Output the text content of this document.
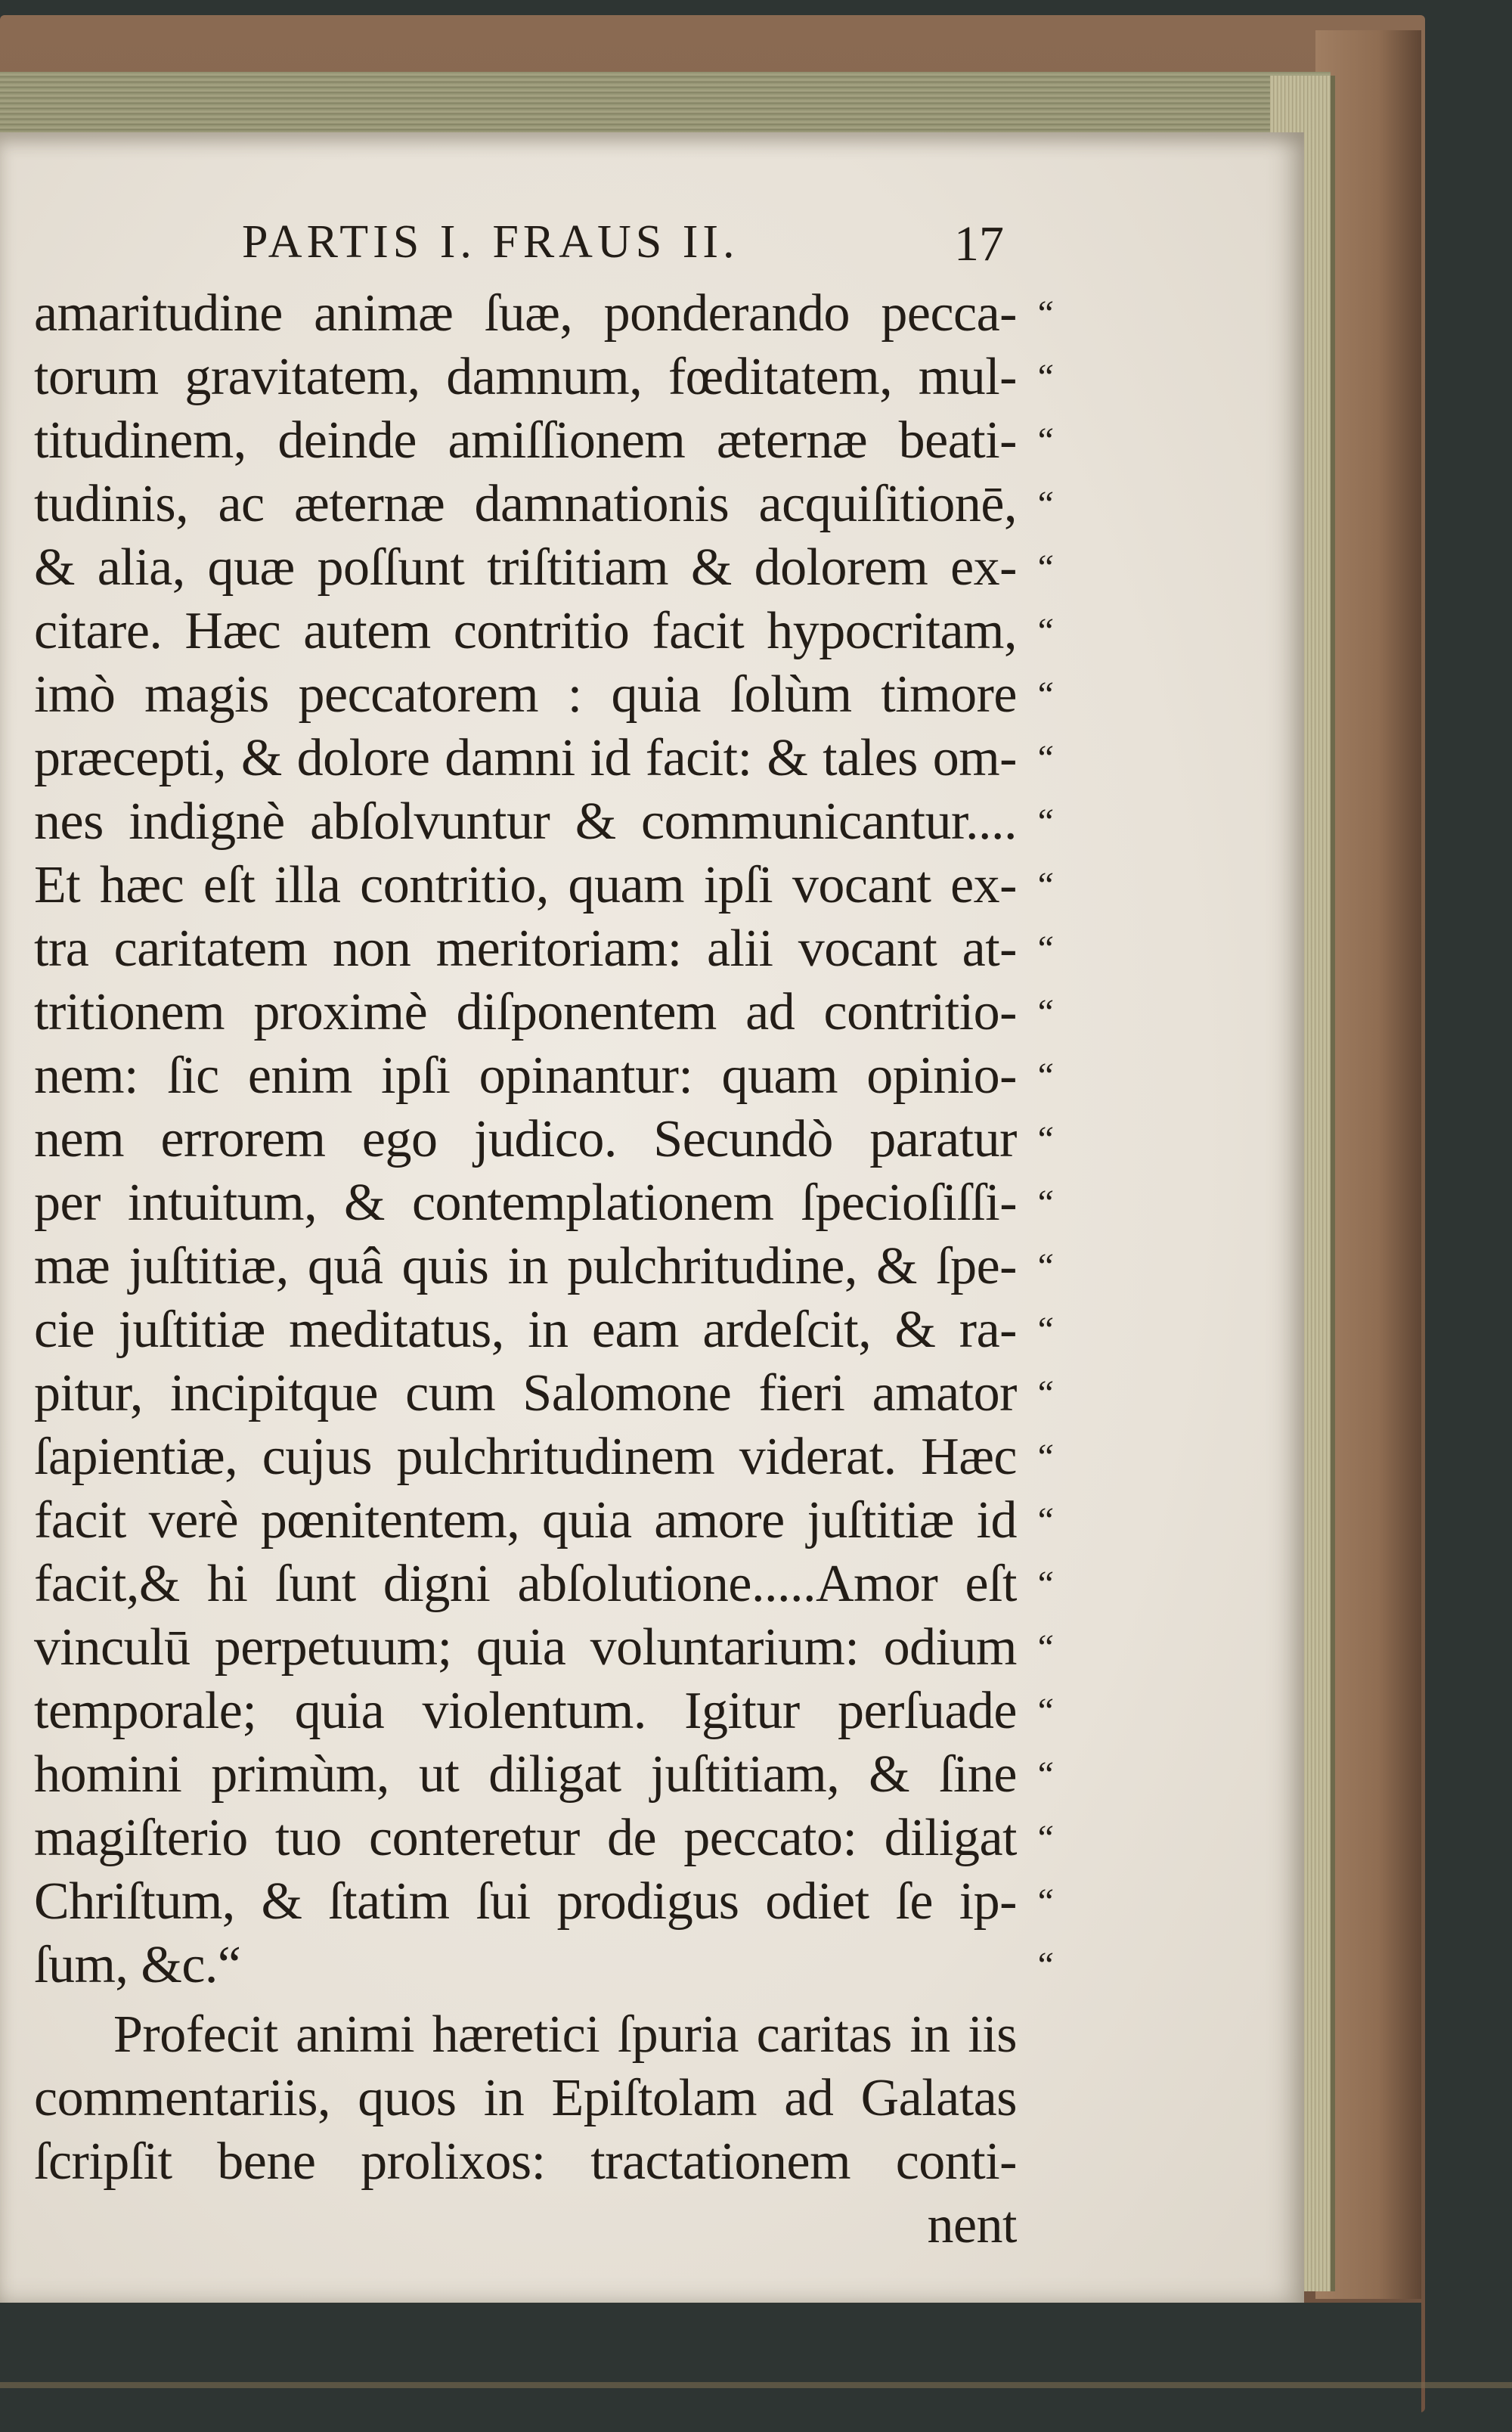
PARTIS I. FRAUS II.	17
amaritudine animæ ſuæ, ponderando pecca- “
torum gravitatem, damnum, fœditatem, mul- “
titudinem, deinde amiſſionem æternæ beati- “
tudinis, ac æternæ damnationis acquiſitionē, “
& alia, quæ poſſunt triſtitiam & dolorem ex- “
citare. Hæc autem contritio facit hypocritam, “
imò magis peccatorem : quia ſolùm timore “
præcepti, & dolore damni id facit: & tales om- “
nes indignè abſolvuntur & communicantur.... “
Et hæc eſt illa contritio, quam ipſi vocant ex- “
tra caritatem non meritoriam: alii vocant at- “
tritionem proximè diſponentem ad contritio- “
nem: ſic enim ipſi opinantur: quam opinio- “
nem errorem ego judico. Secundò paratur “
per intuitum, & contemplationem ſpecioſiſſi- “
mæ juſtitiæ, quâ quis in pulchritudine, & ſpe- “
cie juſtitiæ meditatus, in eam ardeſcit, & ra- “
pitur, incipitque cum Salomone fieri amator “
ſapientiæ, cujus pulchritudinem viderat. Hæc “
facit verè pœnitentem, quia amore juſtitiæ id “
facit,& hi ſunt digni abſolutione.....Amor eſt “
vinculū perpetuum; quia voluntarium: odium “
temporale; quia violentum. Igitur perſuade “
homini primùm, ut diligat juſtitiam, & ſine “
magiſterio tuo conteretur de peccato: diligat “
Chriſtum, & ſtatim ſui prodigus odiet ſe ip- “
ſum, &c.“	“
Profecit animi hæretici ſpuria caritas in iis
commentariis, quos in Epiſtolam ad Galatas
ſcripſit bene prolixos: tractationem conti-
nent
